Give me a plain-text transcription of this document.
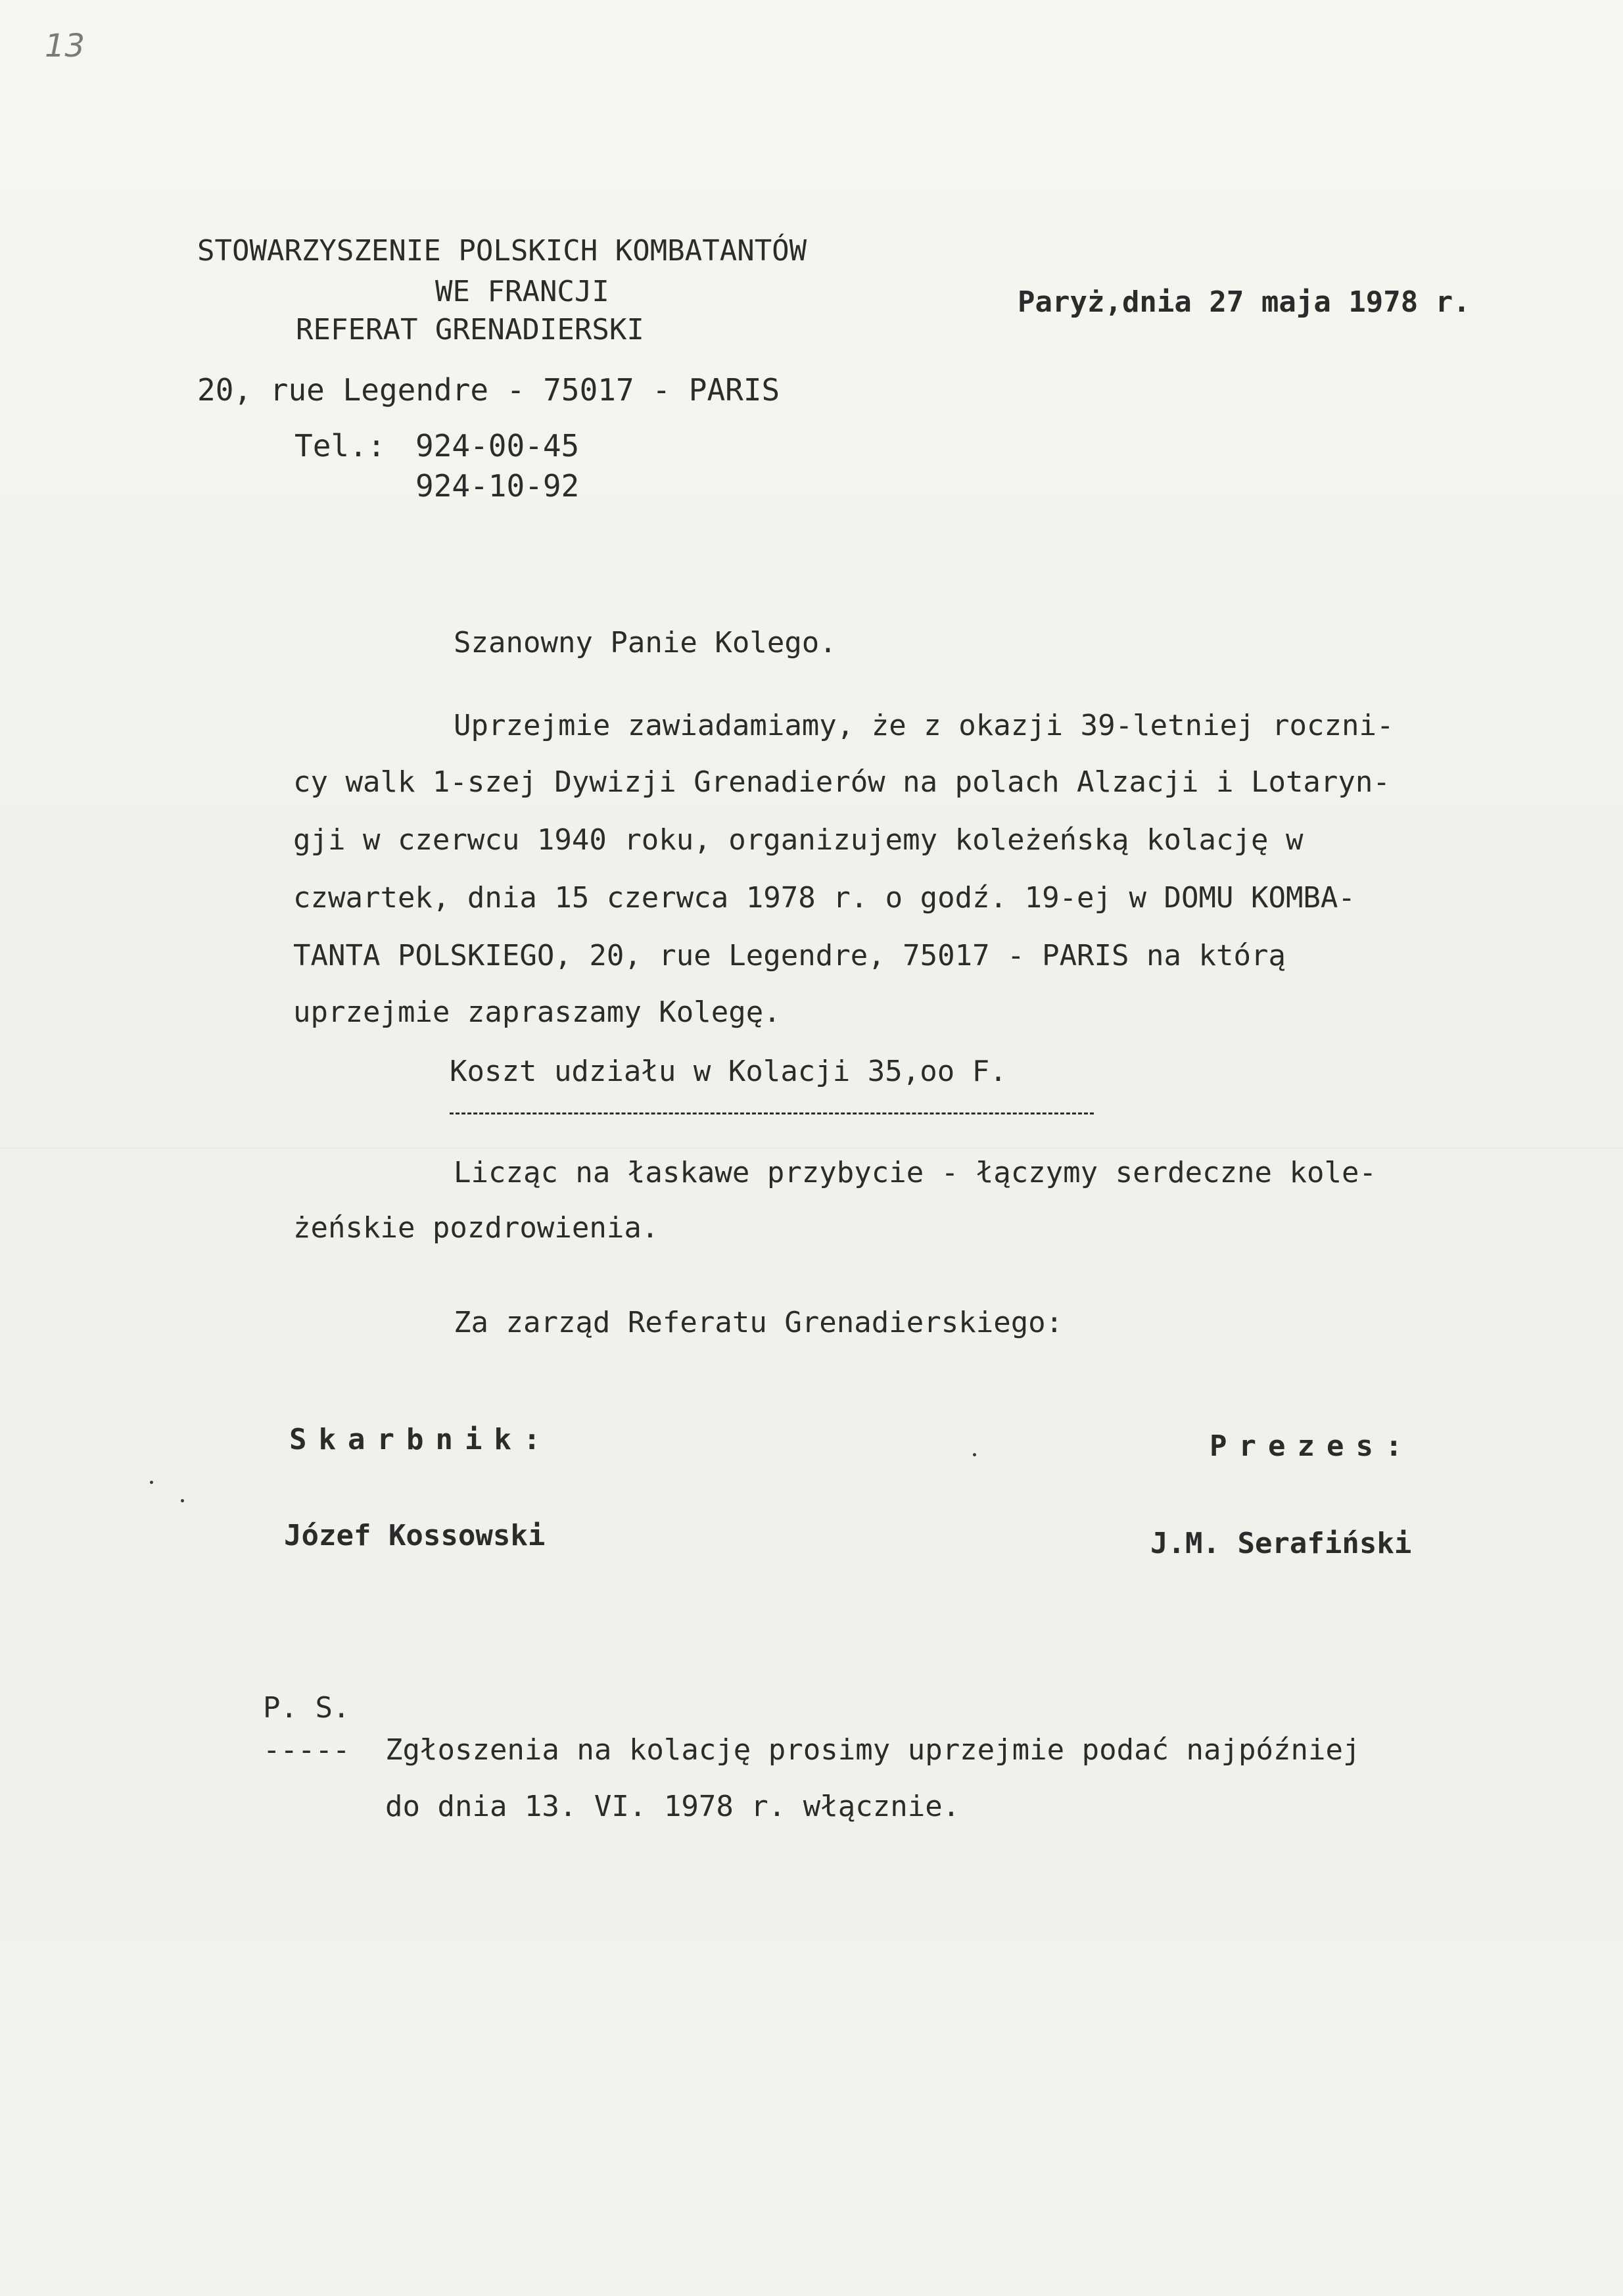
13
STOWARZYSZENIE POLSKICH KOMBATANTÓW
WE FRANCJI
REFERAT GRENADIERSKI
20, rue Legendre - 75017 - PARIS
Tel.: 924-00-45
924-10-92
Paryż,dnia 27 maja 1978 r.
Szanowny Panie Kolego.
Uprzejmie zawiadamiamy, że z okazji 39-letniej roczni-
cy walk 1-szej Dywizji Grenadierów na polach Alzacji i Lotaryn-
gji w czerwcu 1940 roku, organizujemy koleżeńską kolację w
czwartek, dnia 15 czerwca 1978 r. o godź. 19-ej w DOMU KOMBA-
TANTA POLSKIEGO, 20, rue Legendre, 75017 - PARIS na którą
uprzejmie zapraszamy Kolegę.
Koszt udziału w Kolacji 35,oo F.
Licząc na łaskawe przybycie - łączymy serdeczne kole-
żeńskie pozdrowienia.
Za zarząd Referatu Grenadierskiego:
Skarbnik:
Józef Kossowski
Prezes:
J.M. Serafiński
P. S.
----- Zgłoszenia na kolację prosimy uprzejmie podać najpóźniej
do dnia 13. VI. 1978 r. włącznie.
